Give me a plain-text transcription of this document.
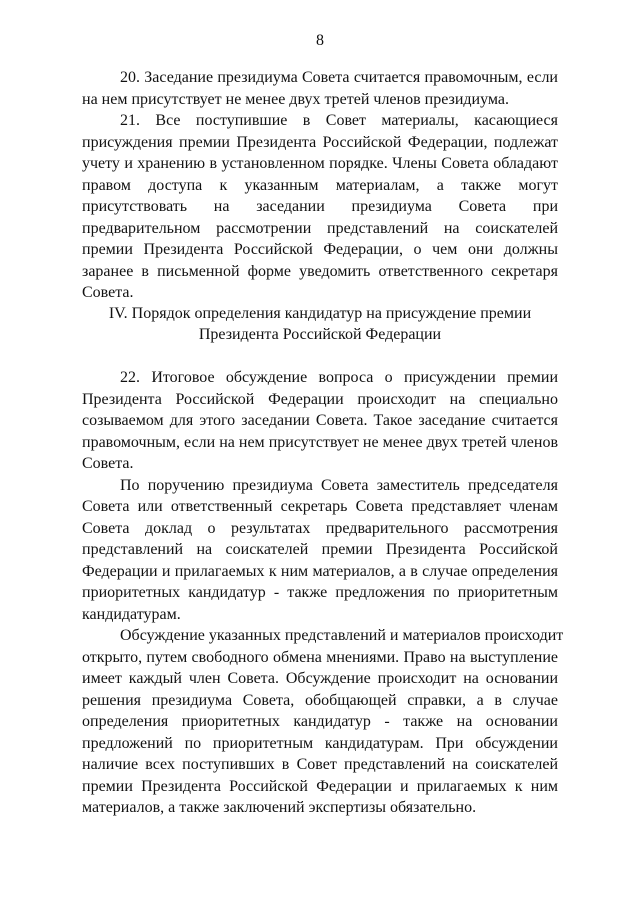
8
20. Заседание президиума Совета считается правомочным, если
на нем присутствует не менее двух третей членов президиума.
21. Все поступившие в Совет материалы, касающиеся
присуждения премии Президента Российской Федерации, подлежат
учету и хранению в установленном порядке. Члены Совета обладают
правом доступа к указанным материалам, а также могут
присутствовать на заседании президиума Совета при
предварительном рассмотрении представлений на соискателей
премии Президента Российской Федерации, о чем они должны
заранее в письменной форме уведомить ответственного секретаря
Совета.
IV. Порядок определения кандидатур на присуждение премии
Президента Российской Федерации
22. Итоговое обсуждение вопроса о присуждении премии
Президента Российской Федерации происходит на специально
созываемом для этого заседании Совета. Такое заседание считается
правомочным, если на нем присутствует не менее двух третей членов
Совета.
По поручению президиума Совета заместитель председателя
Совета или ответственный секретарь Совета представляет членам
Совета доклад о результатах предварительного рассмотрения
представлений на соискателей премии Президента Российской
Федерации и прилагаемых к ним материалов, а в случае определения
приоритетных кандидатур - также предложения по приоритетным
кандидатурам.
Обсуждение указанных представлений и материалов происходит
открыто, путем свободного обмена мнениями. Право на выступление
имеет каждый член Совета. Обсуждение происходит на основании
решения президиума Совета, обобщающей справки, а в случае
определения приоритетных кандидатур - также на основании
предложений по приоритетным кандидатурам. При обсуждении
наличие всех поступивших в Совет представлений на соискателей
премии Президента Российской Федерации и прилагаемых к ним
материалов, а также заключений экспертизы обязательно.
